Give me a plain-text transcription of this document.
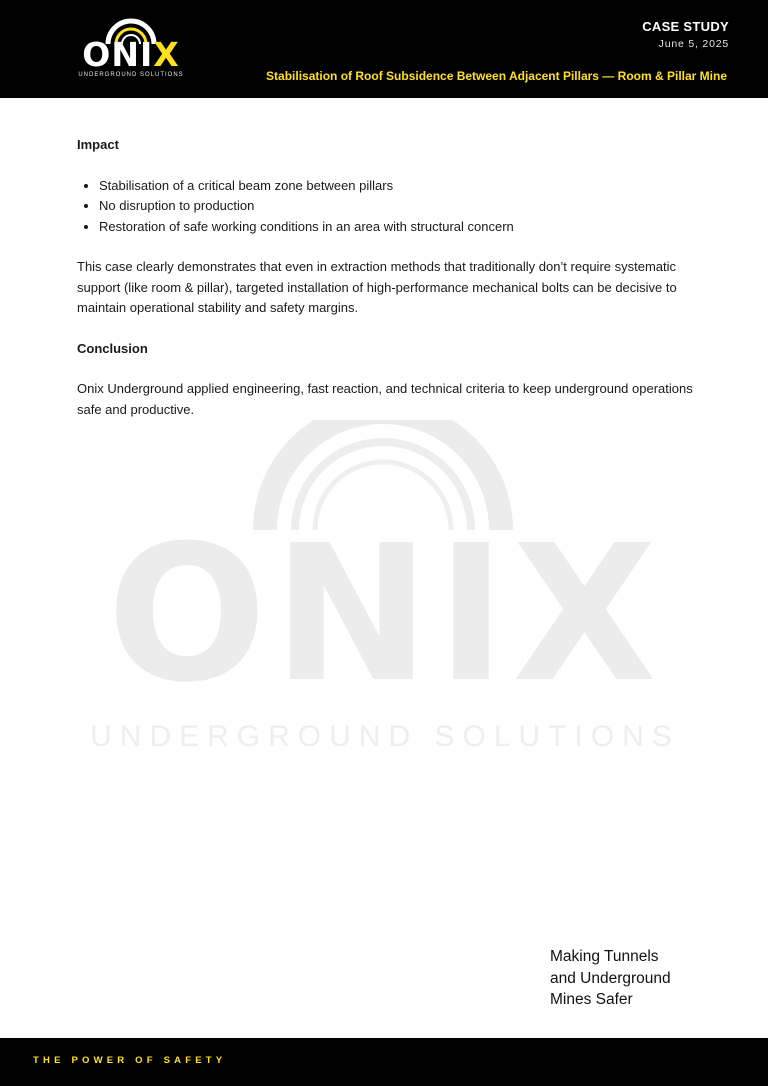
ONIX
UNDERGROUND SOLUTIONS
CASE STUDY
June 5, 2025
Stabilisation of Roof Subsidence Between Adjacent Pillars — Room & Pillar Mine
ONIX
UNDERGROUND SOLUTIONS

Impact

• Stabilisation of a critical beam zone between pillars
• No disruption to production
• Restoration of safe working conditions in an area with structural concern

This case clearly demonstrates that even in extraction methods that traditionally don’t require systematic support (like room & pillar), targeted installation of high-performance mechanical bolts can be decisive to maintain operational stability and safety margins.

Conclusion

Onix Underground applied engineering, fast reaction, and technical criteria to keep underground operations safe and productive.

Making Tunnels
and Underground
Mines Safer
THE POWER OF SAFETY
